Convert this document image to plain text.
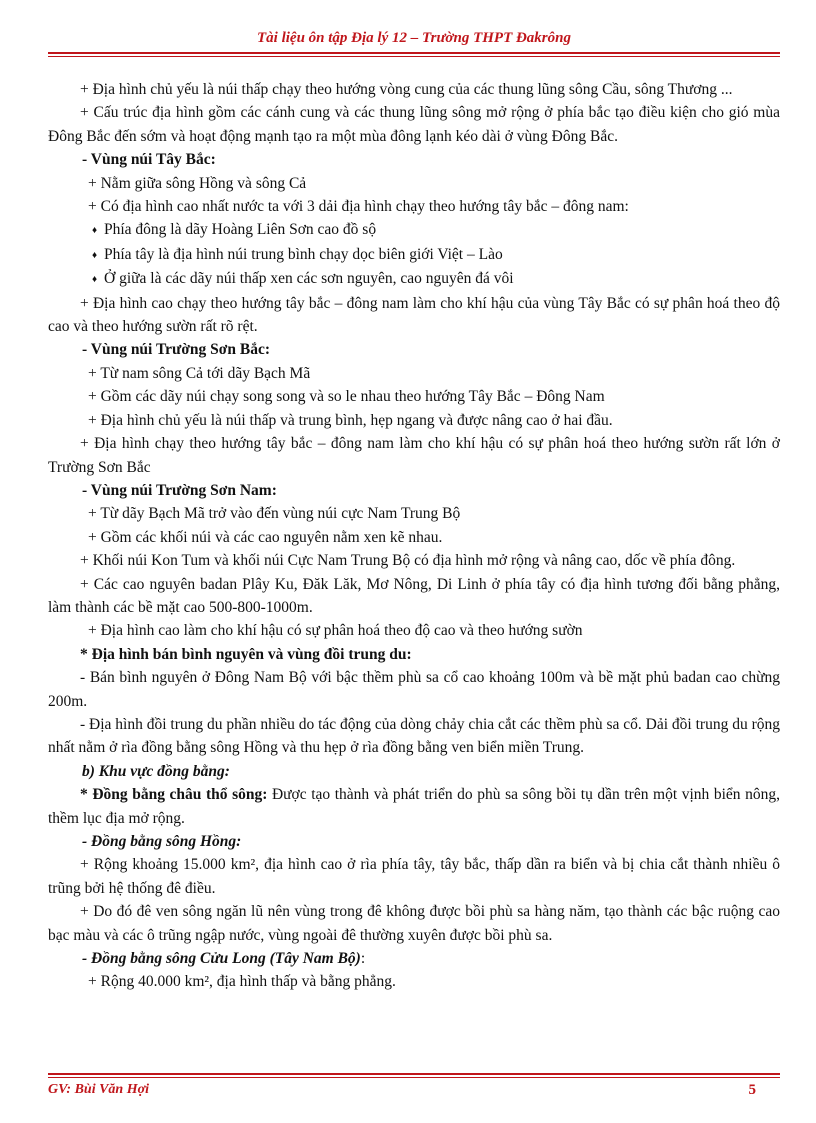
Tài liệu ôn tập Địa lý 12 – Trường THPT Đakrông

+ Địa hình chủ yếu là núi thấp chạy theo hướng vòng cung của các thung lũng sông Cầu, sông Thương ...

+ Cấu trúc địa hình gồm các cánh cung và các thung lũng sông mở rộng ở phía bắc tạo điều kiện cho gió mùa Đông Bắc đến sớm và hoạt động mạnh tạo ra một mùa đông lạnh kéo dài ở vùng Đông Bắc.

- Vùng núi Tây Bắc:

+ Nằm giữa sông Hồng và sông Cả

+ Có địa hình cao nhất nước ta với 3 dải địa hình chạy theo hướng tây bắc – đông nam:

♦ Phía đông là dãy Hoàng Liên Sơn cao đồ sộ

♦ Phía tây là địa hình núi trung bình chạy dọc biên giới Việt – Lào

♦ Ở giữa là các dãy núi thấp xen các sơn nguyên, cao nguyên đá vôi

+ Địa hình cao chạy theo hướng tây bắc – đông nam làm cho khí hậu của vùng Tây Bắc có sự phân hoá theo độ cao và theo hướng sườn rất rõ rệt.

- Vùng núi Trường Sơn Bắc:

+ Từ nam sông Cả tới dãy Bạch Mã

+ Gồm các dãy núi chạy song song và so le nhau theo hướng Tây Bắc – Đông Nam

+ Địa hình chủ yếu là núi thấp và trung bình, hẹp ngang và được nâng cao ở hai đầu.

+ Địa hình chạy theo hướng tây bắc – đông nam làm cho khí hậu có sự phân hoá theo hướng sườn rất lớn ở Trường Sơn Bắc

- Vùng núi Trường Sơn Nam:

+ Từ dãy Bạch Mã trở vào đến vùng núi cực Nam Trung Bộ

+ Gồm các khối núi và các cao nguyên nằm xen kẽ nhau.

+ Khối núi Kon Tum và khối núi Cực Nam Trung Bộ có địa hình mở rộng và nâng cao, dốc về phía đông.

+ Các cao nguyên badan Plây Ku, Đăk Lăk, Mơ Nông, Di Linh ở phía tây có địa hình tương đối bằng phẳng, làm thành các bề mặt cao 500-800-1000m.

+ Địa hình cao làm cho khí hậu có sự phân hoá theo độ cao và theo hướng sườn

* Địa hình bán bình nguyên và vùng đồi trung du:

- Bán bình nguyên ở Đông Nam Bộ với bậc thềm phù sa cổ cao khoảng 100m và bề mặt phủ badan cao chừng 200m.

- Địa hình đồi trung du phần nhiều do tác động của dòng chảy chia cắt các thềm phù sa cổ. Dải đồi trung du rộng nhất nằm ở rìa đồng bằng sông Hồng và thu hẹp ở rìa đồng bằng ven biển miền Trung.

b) Khu vực đồng bằng:

* Đồng bằng châu thổ sông: Được tạo thành và phát triển do phù sa sông bồi tụ dần trên một vịnh biển nông, thềm lục địa mở rộng.

- Đồng bằng sông Hồng:

+ Rộng khoảng 15.000 km², địa hình cao ở rìa phía tây, tây bắc, thấp dần ra biển và bị chia cắt thành nhiều ô trũng bởi hệ thống đê điều.

+ Do đó đê ven sông ngăn lũ nên vùng trong đê không được bồi phù sa hàng năm, tạo thành các bậc ruộng cao bạc màu và các ô trũng ngập nước, vùng ngoài đê thường xuyên được bồi phù sa.

- Đồng bằng sông Cửu Long (Tây Nam Bộ):

+ Rộng 40.000 km², địa hình thấp và bằng phẳng.

GV: Bùi Văn Hợi	5
